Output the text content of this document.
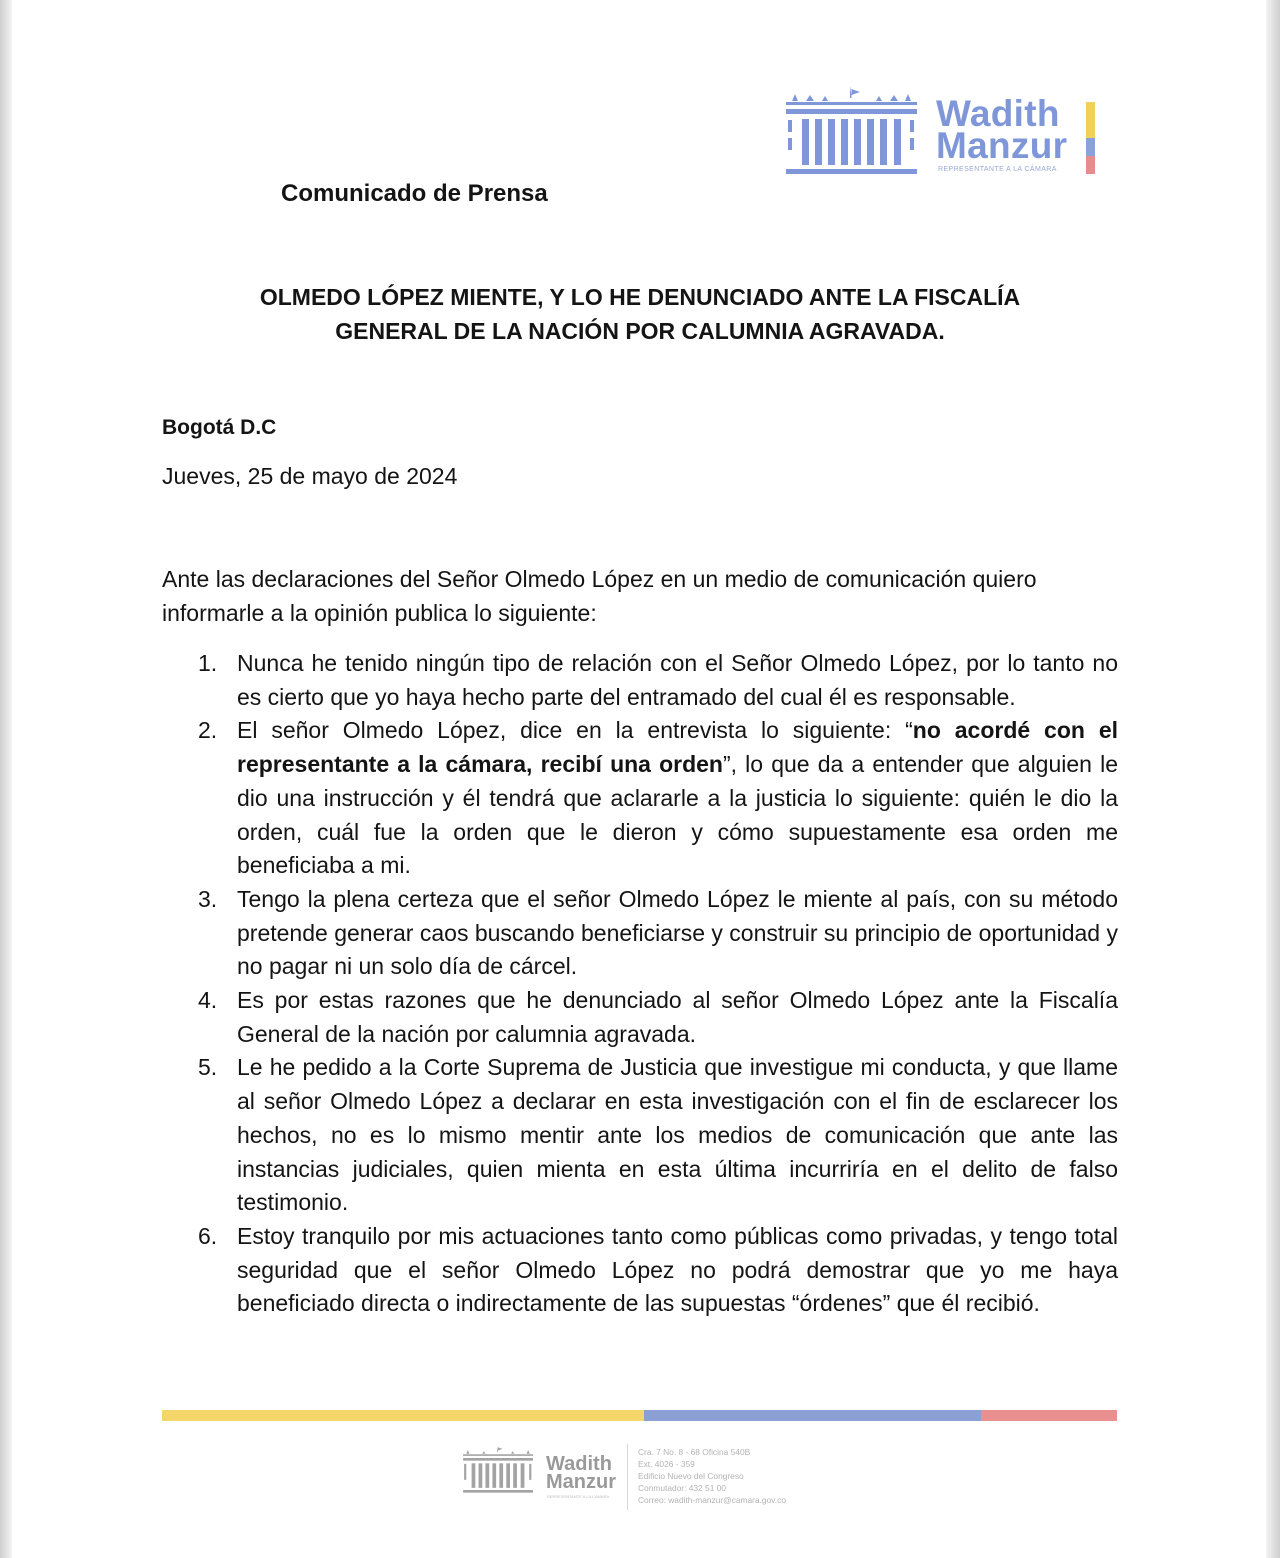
Wadith
Manzur
REPRESENTANTE A LA CÁMARA
Comunicado de Prensa
OLMEDO LÓPEZ MIENTE, Y LO HE DENUNCIADO ANTE LA FISCALÍA
GENERAL DE LA NACIÓN POR CALUMNIA AGRAVADA.
Bogotá D.C
Jueves, 25 de mayo de 2024
Ante las declaraciones del Señor Olmedo López en un medio de comunicación quiero informarle a la opinión publica lo siguiente:
1. Nunca he tenido ningún tipo de relación con el Señor Olmedo López, por lo tanto no es cierto que yo haya hecho parte del entramado del cual él es responsable.
2. El señor Olmedo López, dice en la entrevista lo siguiente: “no acordé con el representante a la cámara, recibí una orden”, lo que da a entender que alguien le dio una instrucción y él tendrá que aclararle a la justicia lo siguiente: quién le dio la orden, cuál fue la orden que le dieron y cómo supuestamente esa orden me beneficiaba a mi.
3. Tengo la plena certeza que el señor Olmedo López le miente al país, con su método pretende generar caos buscando beneficiarse y construir su principio de oportunidad y no pagar ni un solo día de cárcel.
4. Es por estas razones que he denunciado al señor Olmedo López ante la Fiscalía General de la nación por calumnia agravada.
5. Le he pedido a la Corte Suprema de Justicia que investigue mi conducta, y que llame al señor Olmedo López a declarar en esta investigación con el fin de esclarecer los hechos, no es lo mismo mentir ante los medios de comunicación que ante las instancias judiciales, quien mienta en esta última incurriría en el delito de falso testimonio.
6. Estoy tranquilo por mis actuaciones tanto como públicas como privadas, y tengo total seguridad que el señor Olmedo López no podrá demostrar que yo me haya beneficiado directa o indirectamente de las supuestas “órdenes” que él recibió.
Wadith
Manzur
REPRESENTANTE A LA CÁMARA
Cra. 7 No. 8 - 68 Oficina 540B
Ext. 4026 - 359
Edificio Nuevo del Congreso
Conmutador: 432 51 00
Correo: wadith-manzur@camara.gov.co
